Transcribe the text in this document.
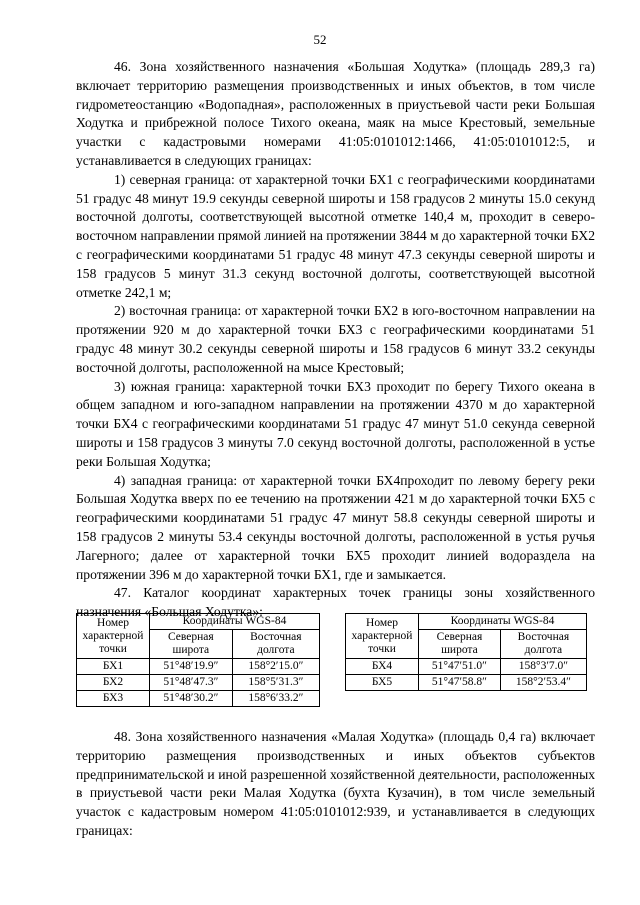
52

46. Зона хозяйственного назначения «Большая Ходутка» (площадь 289,3 га) включает территорию размещения производственных и иных объектов, в том числе гидрометеостанцию «Водопадная», расположенных в приустьевой части реки Большая Ходутка и прибрежной полосе Тихого океана, маяк на мысе Крестовый, земельные участки с кадастровыми номерами 41:05:0101012:1466, 41:05:0101012:5, и устанавливается в следующих границах:

1) северная граница: от характерной точки БХ1 с географическими координатами 51 градус 48 минут 19.9 секунды северной широты и 158 градусов 2 минуты 15.0 секунд восточной долготы, соответствующей высотной отметке 140,4 м, проходит в северо-восточном направлении прямой линией на протяжении 3844 м до характерной точки БХ2 с географическими координатами 51 градус 48 минут 47.3 секунды северной широты и 158 градусов 5 минут 31.3 секунд восточной долготы, соответствующей высотной отметке 242,1 м;

2) восточная граница: от характерной точки БХ2 в юго-восточном направлении на протяжении 920 м до характерной точки БХ3 с географическими координатами 51 градус 48 минут 30.2 секунды северной широты и 158 градусов 6 минут 33.2 секунды восточной долготы, расположенной на мысе Крестовый;

3) южная граница: характерной точки БХ3 проходит по берегу Тихого океана в общем западном и юго-западном направлении на протяжении 4370 м до характерной точки БХ4 с географическими координатами 51 градус 47 минут 51.0 секунда северной широты и 158 градусов 3 минуты 7.0 секунд восточной долготы, расположенной в устье реки Большая Ходутка;

4) западная граница: от характерной точки БХ4проходит по левому берегу реки Большая Ходутка вверх по ее течению на протяжении 421 м до характерной точки БХ5 с географическими координатами 51 градус 47 минут 58.8 секунды северной широты и 158 градусов 2 минуты 53.4 секунды восточной долготы, расположенной в устья ручья Лагерного; далее от характерной точки БХ5 проходит линией водораздела на протяжении 396 м до характерной точки БХ1, где и замыкается.

47. Каталог координат характерных точек границы зоны хозяйственного назначения «Большая Ходутка»:

Номер характерной точки	Координаты WGS-84	
	Северная широта	Восточная долгота
БХ1	51°48′19.9″	158°2′15.0″
БХ2	51°48′47.3″	158°5′31.3″
БХ3	51°48′30.2″	158°6′33.2″
Номер характерной точки	Координаты WGS-84	
	Северная широта	Восточная долгота
БХ4	51°47′51.0″	158°3′7.0″
БХ5	51°47′58.8″	158°2′53.4″

48. Зона хозяйственного назначения «Малая Ходутка» (площадь 0,4 га) включает территорию размещения производственных и иных объектов субъектов предпринимательской и иной разрешенной хозяйственной деятельности, расположенных в приустьевой части реки Малая Ходутка (бухта Кузачин), в том числе земельный участок с кадастровым номером 41:05:0101012:939, и устанавливается в следующих границах:
